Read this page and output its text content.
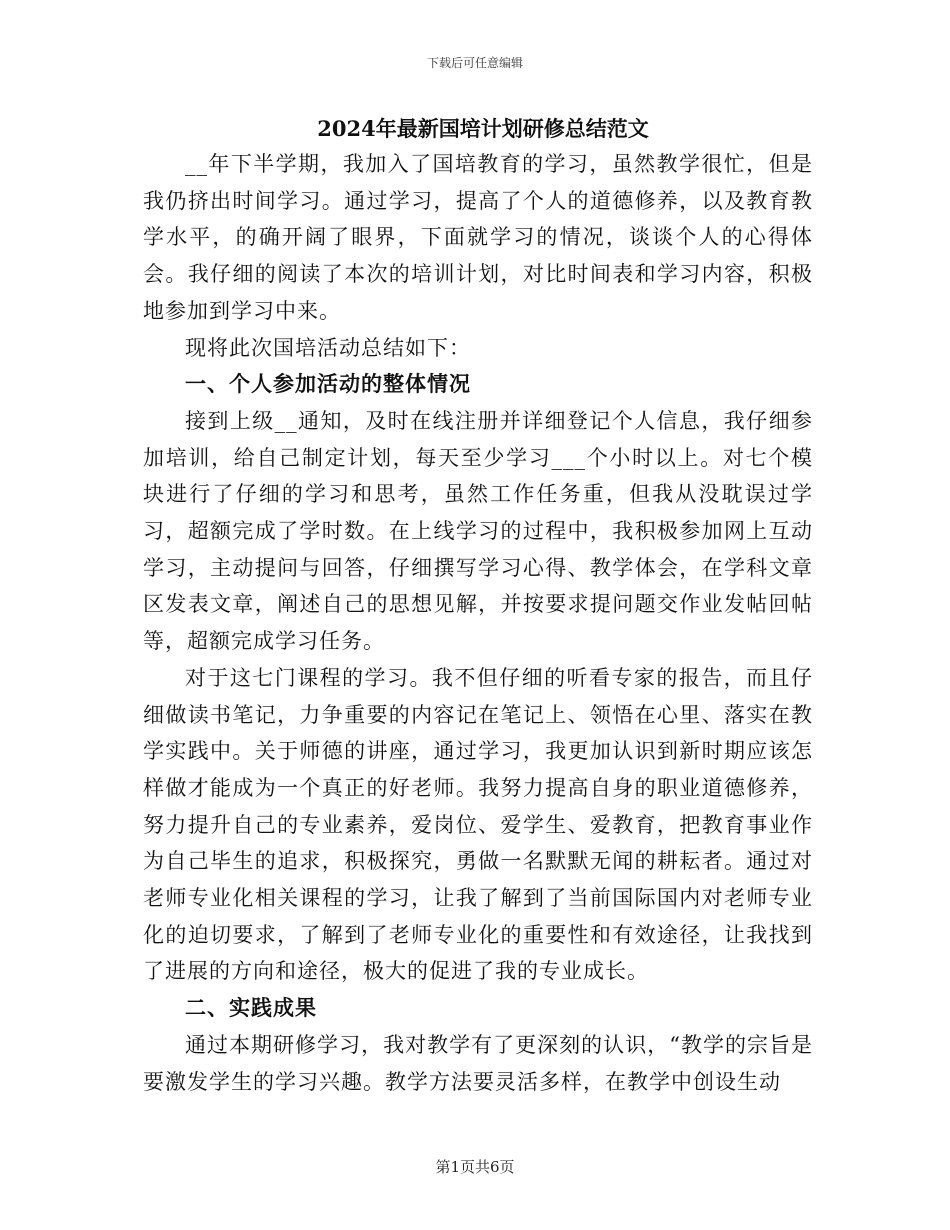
下载后可任意编辑
2024年最新国培计划研修总结范文

__年下半学期，我加入了国培教育的学习，虽然教学很忙，但是我仍挤出时间学习。通过学习，提高了个人的道德修养，以及教育教学水平，的确开阔了眼界，下面就学习的情况，谈谈个人的心得体会。我仔细的阅读了本次的培训计划，对比时间表和学习内容，积极地参加到学习中来。

现将此次国培活动总结如下：

一、个人参加活动的整体情况

接到上级__通知，及时在线注册并详细登记个人信息，我仔细参加培训，给自己制定计划，每天至少学习___个小时以上。对七个模块进行了仔细的学习和思考，虽然工作任务重，但我从没耽误过学习，超额完成了学时数。在上线学习的过程中，我积极参加网上互动学习，主动提问与回答，仔细撰写学习心得、教学体会，在学科文章区发表文章，阐述自己的思想见解，并按要求提问题交作业发帖回帖等，超额完成学习任务。

对于这七门课程的学习。我不但仔细的听看专家的报告，而且仔细做读书笔记，力争重要的内容记在笔记上、领悟在心里、落实在教学实践中。关于师德的讲座，通过学习，我更加认识到新时期应该怎样做才能成为一个真正的好老师。我努力提高自身的职业道德修养，努力提升自己的专业素养，爱岗位、爱学生、爱教育，把教育事业作为自己毕生的追求，积极探究，勇做一名默默无闻的耕耘者。通过对老师专业化相关课程的学习，让我了解到了当前国际国内对老师专业化的迫切要求，了解到了老师专业化的重要性和有效途径，让我找到了进展的方向和途径，极大的促进了我的专业成长。

二、实践成果

通过本期研修学习，我对教学有了更深刻的认识，“教学的宗旨是要激发学生的学习兴趣。教学方法要灵活多样，在教学中创设生动

第1页共6页
